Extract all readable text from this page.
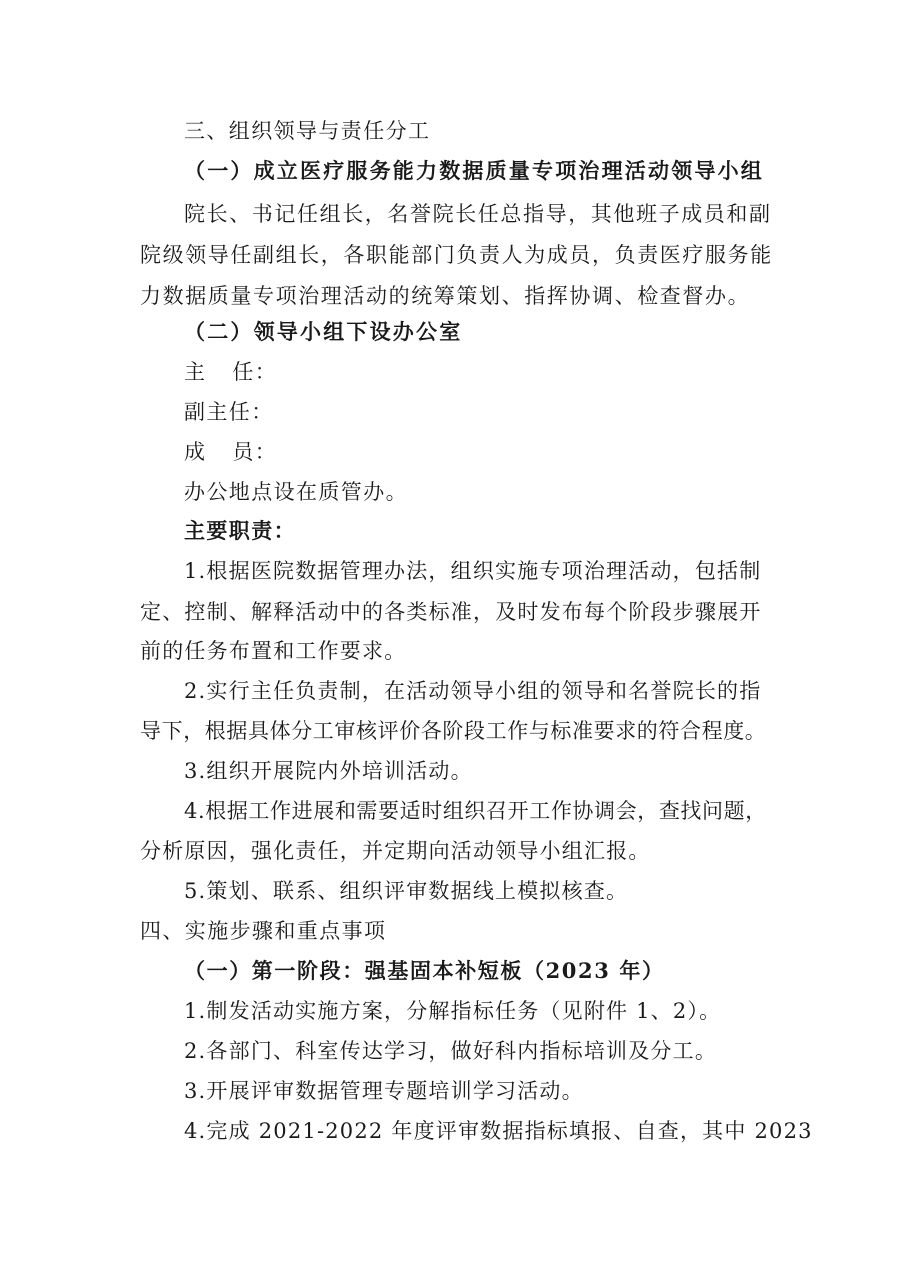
三、组织领导与责任分工
（一）成立医疗服务能力数据质量专项治理活动领导小组
院长、书记任组长，名誉院长任总指导，其他班子成员和副
院级领导任副组长，各职能部门负责人为成员，负责医疗服务能
力数据质量专项治理活动的统筹策划、指挥协调、检查督办。
（二）领导小组下设办公室
主 任：
副主任：
成 员：
办公地点设在质管办。
主要职责：
1.根据医院数据管理办法，组织实施专项治理活动，包括制
定、控制、解释活动中的各类标准，及时发布每个阶段步骤展开
前的任务布置和工作要求。
2.实行主任负责制，在活动领导小组的领导和名誉院长的指
导下，根据具体分工审核评价各阶段工作与标准要求的符合程度。
3.组织开展院内外培训活动。
4.根据工作进展和需要适时组织召开工作协调会，查找问题，
分析原因，强化责任，并定期向活动领导小组汇报。
5.策划、联系、组织评审数据线上模拟核查。
四、实施步骤和重点事项
（一）第一阶段：强基固本补短板（2023 年）
1.制发活动实施方案，分解指标任务（见附件 1、2）。
2.各部门、科室传达学习，做好科内指标培训及分工。
3.开展评审数据管理专题培训学习活动。
4.完成 2021-2022 年度评审数据指标填报、自查，其中 2023
